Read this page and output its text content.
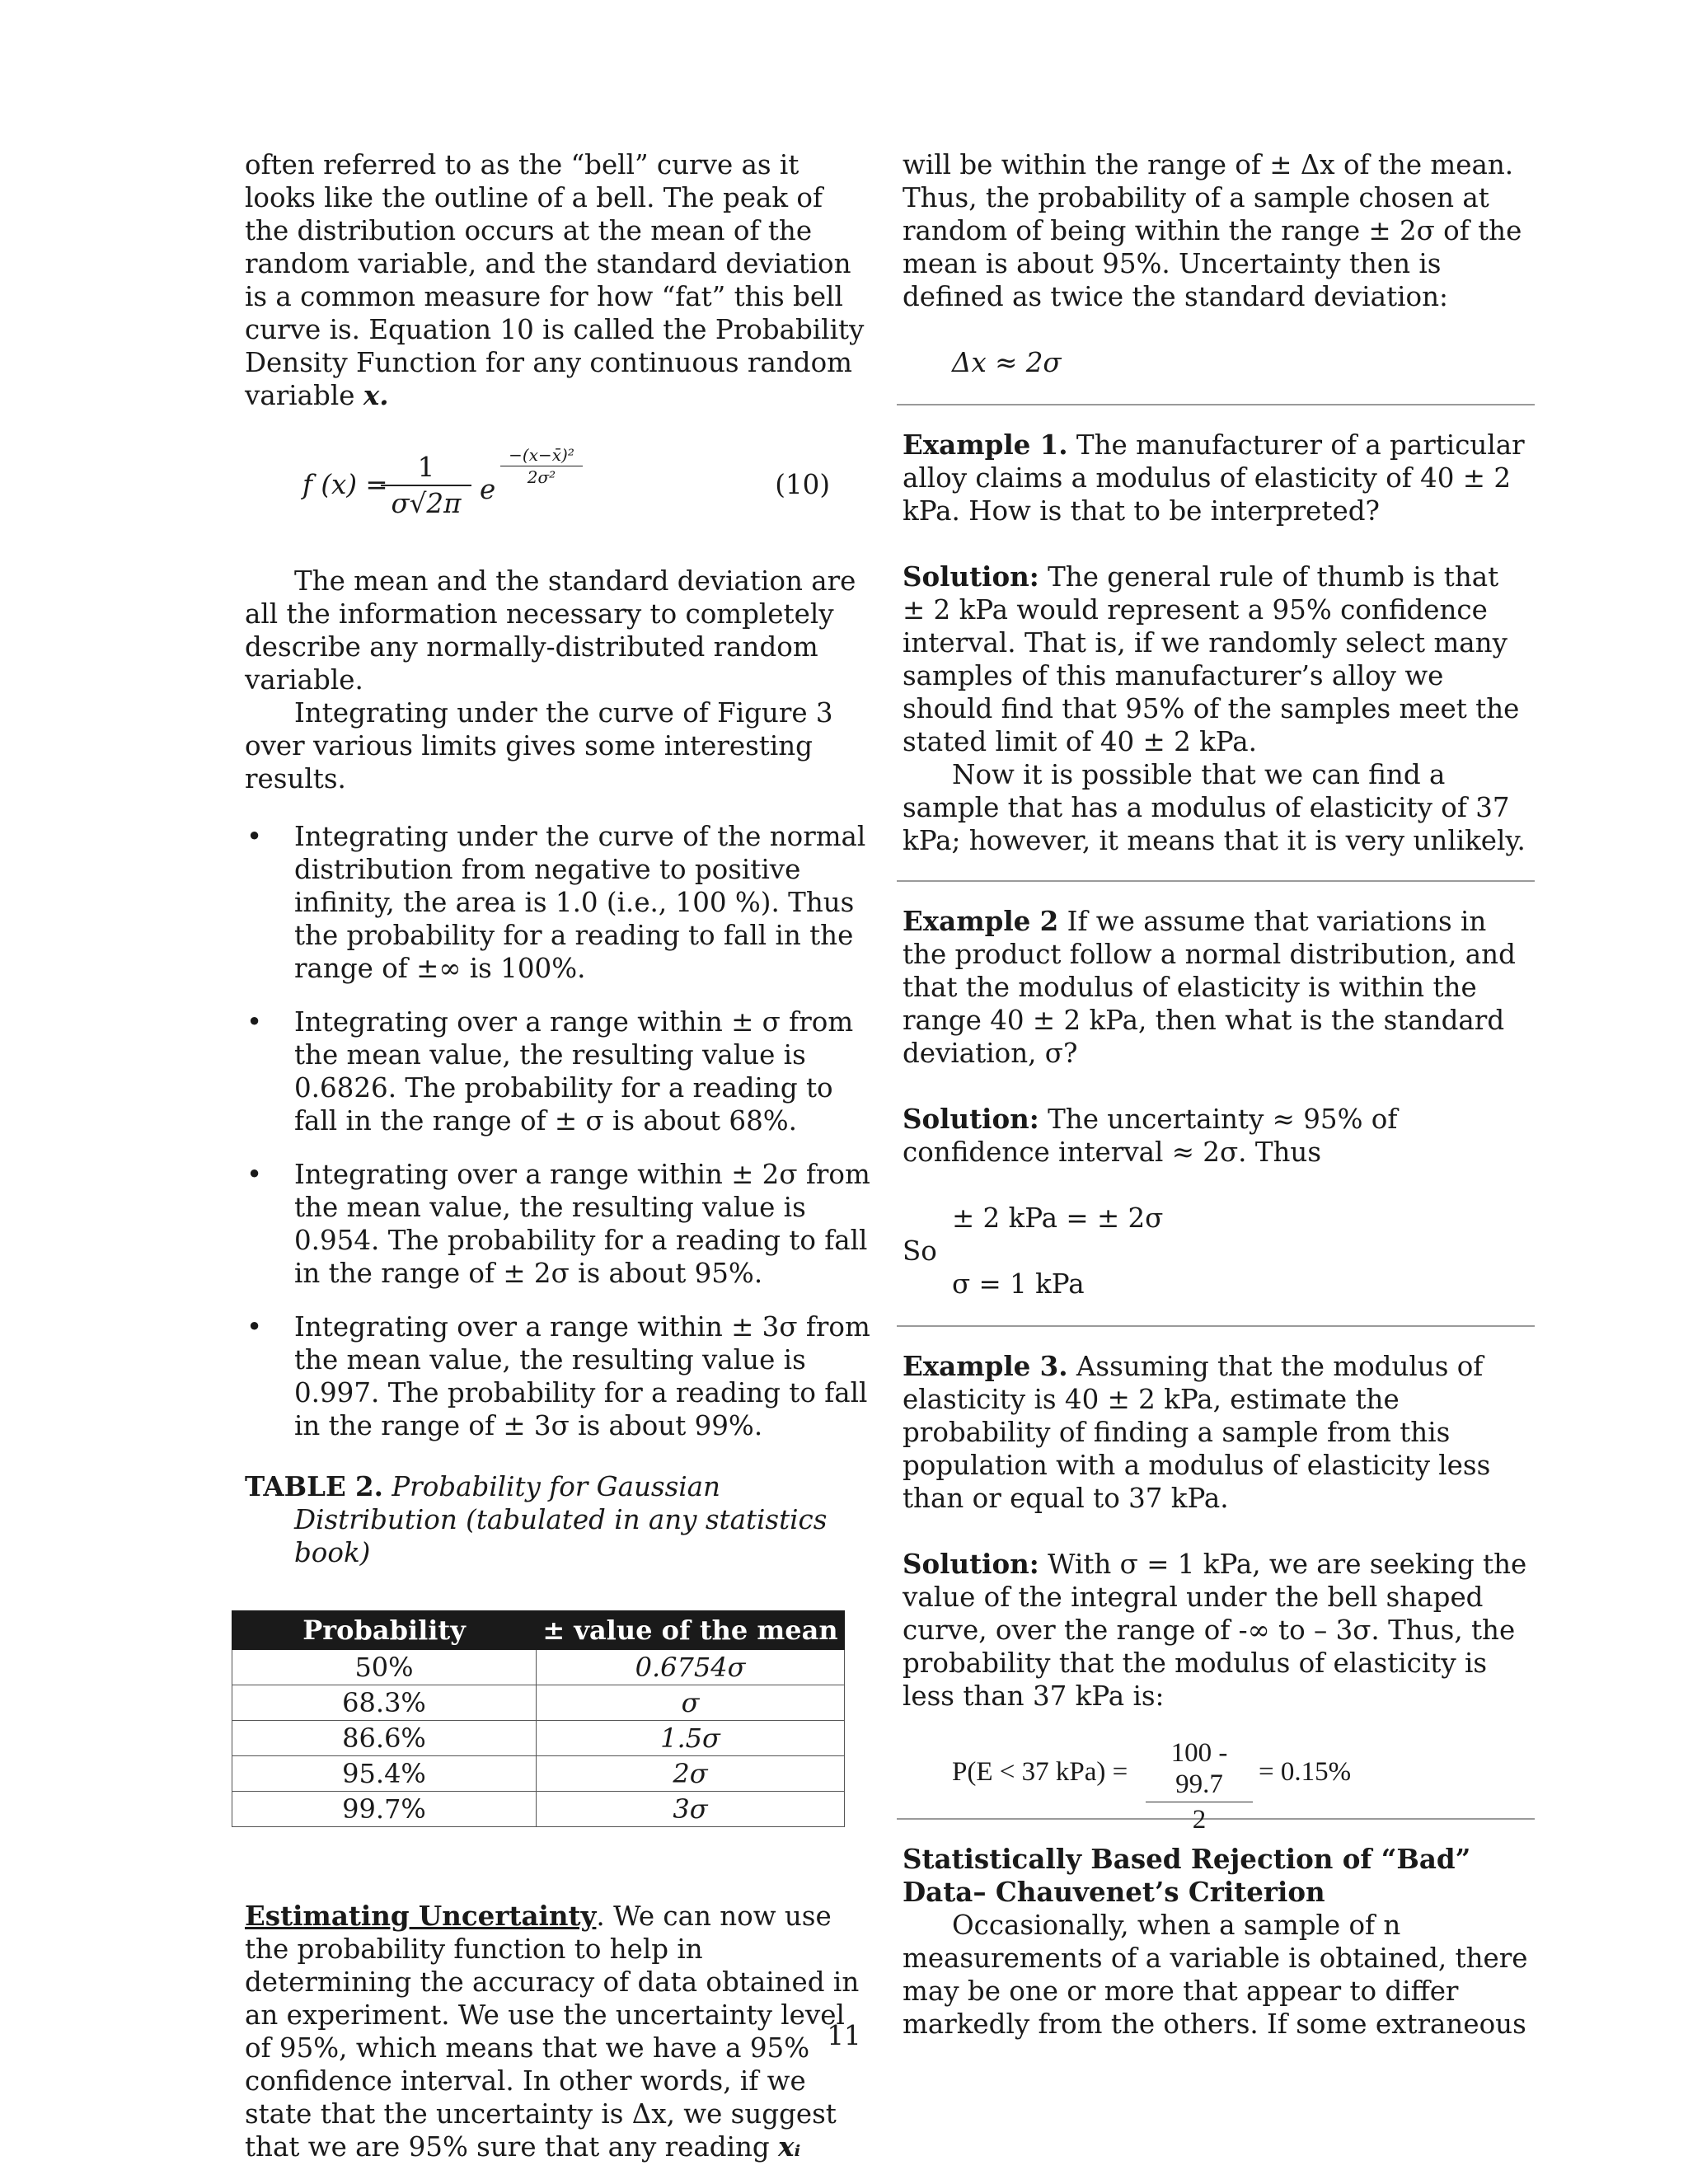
often referred to as the “bell” curve as it looks like the outline of a bell. The peak of the distribution occurs at the mean of the random variable, and the standard deviation is a common measure for how “fat” this bell curve is. Equation 10 is called the Probability Density Function for any continuous random variable x.

f (x) =
1
σ√2π e
−(x−x̄)²
2σ²	(10)

The mean and the standard deviation are all the information necessary to completely describe any normally-distributed random variable.

Integrating under the curve of Figure 3 over various limits gives some interesting results.

• Integrating under the curve of the normal distribution from negative to positive infinity, the area is 1.0 (i.e., 100 %). Thus the probability for a reading to fall in the range of ±∞ is 100%.
• Integrating over a range within ± σ from the mean value, the resulting value is 0.6826. The probability for a reading to fall in the range of ± σ is about 68%.
• Integrating over a range within ± 2σ from the mean value, the resulting value is 0.954. The probability for a reading to fall in the range of ± 2σ is about 95%.
• Integrating over a range within ± 3σ from the mean value, the resulting value is 0.997. The probability for a reading to fall in the range of ± 3σ is about 99%.

TABLE 2. Probability for Gaussian Distribution (tabulated in any statistics book)

Probability	± value of the mean
50%	0.6754σ
68.3%	σ
86.6%	1.5σ
95.4%	2σ
99.7%	3σ

Estimating Uncertainty. We can now use the probability function to help in determining the accuracy of data obtained in an experiment. We use the uncertainty level of 95%, which means that we have a 95% confidence interval. In other words, if we state that the uncertainty is Δx, we suggest that we are 95% sure that any reading xᵢ

will be within the range of ± Δx of the mean. Thus, the probability of a sample chosen at random of being within the range ± 2σ of the mean is about 95%. Uncertainty then is defined as twice the standard deviation:

Δx ≈ 2σ

Example 1. The manufacturer of a particular alloy claims a modulus of elasticity of 40 ± 2 kPa. How is that to be interpreted?

Solution: The general rule of thumb is that ± 2 kPa would represent a 95% confidence interval. That is, if we randomly select many samples of this manufacturer’s alloy we should find that 95% of the samples meet the stated limit of 40 ± 2 kPa.

Now it is possible that we can find a sample that has a modulus of elasticity of 37 kPa; however, it means that it is very unlikely.

Example 2 If we assume that variations in the product follow a normal distribution, and that the modulus of elasticity is within the range 40 ± 2 kPa, then what is the standard deviation, σ?

Solution: The uncertainty ≈ 95% of confidence interval ≈ 2σ. Thus

± 2 kPa = ± 2σ

So

σ = 1 kPa

Example 3. Assuming that the modulus of elasticity is 40 ± 2 kPa, estimate the probability of finding a sample from this population with a modulus of elasticity less than or equal to 37 kPa.

Solution: With σ = 1 kPa, we are seeking the value of the integral under the bell shaped curve, over the range of -∞ to – 3σ. Thus, the probability that the modulus of elasticity is less than 37 kPa is:

P(E < 37 kPa) =
100 - 99.7
2
= 0.15%

Statistically Based Rejection of “Bad” Data– Chauvenet’s Criterion

Occasionally, when a sample of n measurements of a variable is obtained, there may be one or more that appear to differ markedly from the others. If some extraneous

11
